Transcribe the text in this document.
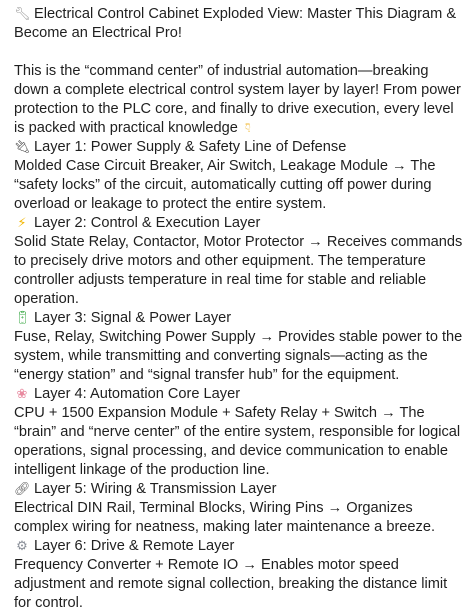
🔧︎ Electrical Control Cabinet Exploded View: Master This Diagram & Become an Electrical Pro!

This is the “command center” of industrial automation—breaking down a complete electrical control system layer by layer! From power protection to the PLC core, and finally to drive execution, every level is packed with practical knowledge 👇︎

🔌︎ Layer 1: Power Supply & Safety Line of Defense

Molded Case Circuit Breaker, Air Switch, Leakage Module → The “safety locks” of the circuit, automatically cutting off power during overload or leakage to protect the entire system.

⚡︎ Layer 2: Control & Execution Layer

Solid State Relay, Contactor, Motor Protector → Receives commands to precisely drive motors and other equipment. The temperature controller adjusts temperature in real time for stable and reliable operation.

🔋︎ Layer 3: Signal & Power Layer

Fuse, Relay, Switching Power Supply → Provides stable power to the system, while transmitting and converting signals—acting as the “energy station” and “signal transfer hub” for the equipment.

❀ Layer 4: Automation Core Layer

CPU + 1500 Expansion Module + Safety Relay + Switch → The “brain” and “nerve center” of the entire system, responsible for logical operations, signal processing, and device communication to enable intelligent linkage of the production line.

🔗︎ Layer 5: Wiring & Transmission Layer

Electrical DIN Rail, Terminal Blocks, Wiring Pins → Organizes complex wiring for neatness, making later maintenance a breeze.

⚙︎ Layer 6: Drive & Remote Layer

Frequency Converter + Remote IO → Enables motor speed adjustment and remote signal collection, breaking the distance limit for control.
